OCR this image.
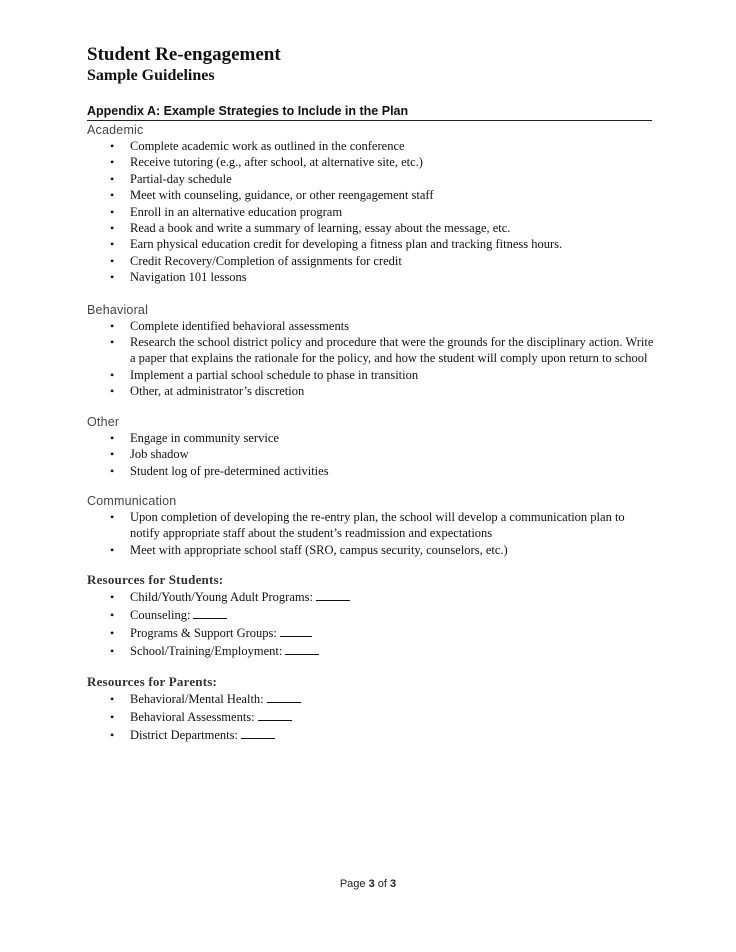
Student Re-engagement
Sample Guidelines
Appendix A: Example Strategies to Include in the Plan
Academic
• Complete academic work as outlined in the conference
• Receive tutoring (e.g., after school, at alternative site, etc.)
• Partial-day schedule
• Meet with counseling, guidance, or other reengagement staff
• Enroll in an alternative education program
• Read a book and write a summary of learning, essay about the message, etc.
• Earn physical education credit for developing a fitness plan and tracking fitness hours.
• Credit Recovery/Completion of assignments for credit
• Navigation 101 lessons
Behavioral
• Complete identified behavioral assessments
• Research the school district policy and procedure that were the grounds for the disciplinary action. Write a paper that explains the rationale for the policy, and how the student will comply upon return to school
• Implement a partial school schedule to phase in transition
• Other, at administrator’s discretion
Other
• Engage in community service
• Job shadow
• Student log of pre-determined activities
Communication
• Upon completion of developing the re-entry plan, the school will develop a communication plan to notify appropriate staff about the student’s readmission and expectations
• Meet with appropriate school staff (SRO, campus security, counselors, etc.)
Resources for Students:
• Child/Youth/Young Adult Programs:
• Counseling:
• Programs & Support Groups:
• School/Training/Employment:
Resources for Parents:
• Behavioral/Mental Health:
• Behavioral Assessments:
• District Departments:
Page 3 of 3
